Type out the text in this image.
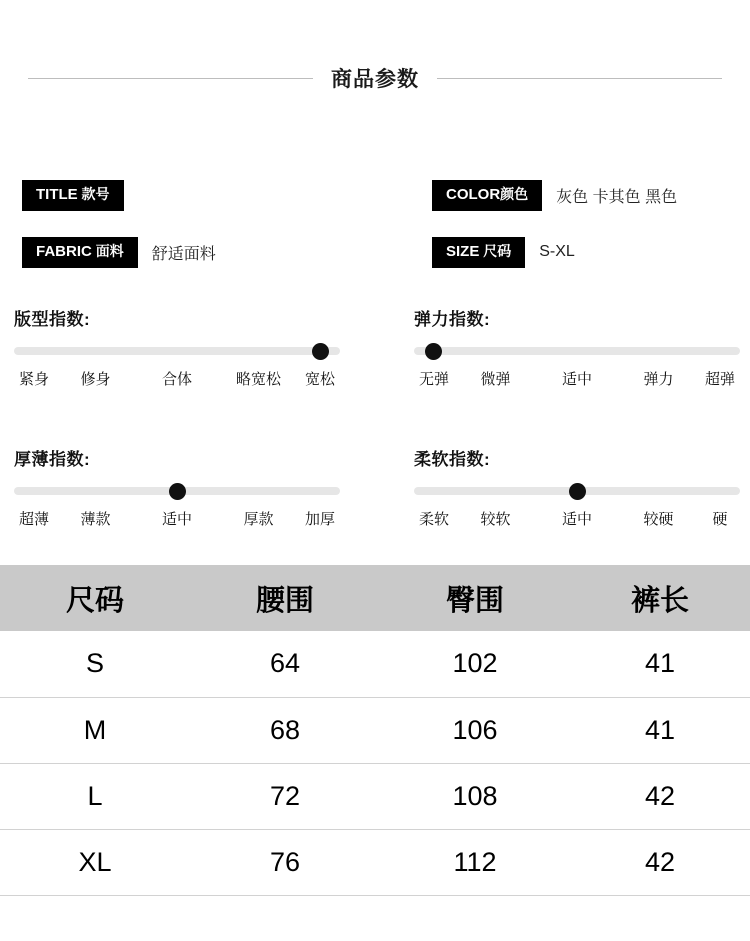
商品参数
TITLE 款号	COLOR颜色	灰色 卡其色 黑色
FABRIC 面料	舒适面料	SIZE 尺码	S-XL
版型指数:
紧身 修身	合体	略宽松 宽松
弹力指数:
无弹 微弹	适中	弹力 超弹
厚薄指数:
超薄 薄款	适中	厚款 加厚
柔软指数:
柔软 较软	适中	较硬	硬
尺码	腰围	臀围	裤长
S	64	102	41
M	68	106	41
L	72	108	42
XL	76	112	42
